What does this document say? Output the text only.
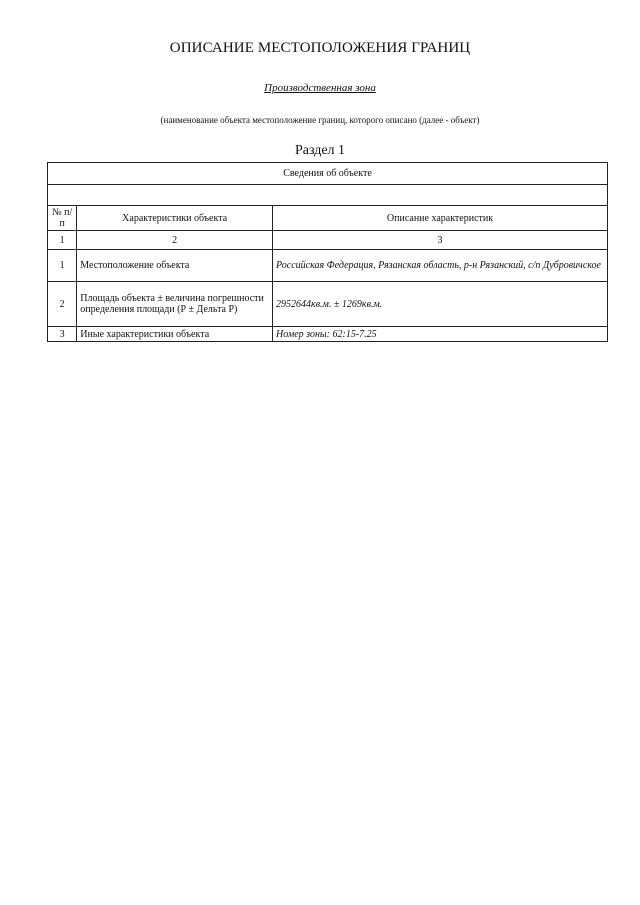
ОПИСАНИЕ МЕСТОПОЛОЖЕНИЯ ГРАНИЦ
Производственная зона
(наименование объекта местоположение границ, которого описано (далее - объект)
Раздел 1
Сведения об объекте		

№ п/п	Характеристики объекта	Описание характеристик
1	2	3
1	Местоположение объекта	Российская Федерация, Рязанская область, р-н Рязанский, с/п Дубровичское
2	Площадь объекта ± величина погрешности определения площади (Р ± Дельта Р)	2952644кв.м. ± 1269кв.м.
3	Иные характеристики объекта	Номер зоны: 62:15-7.25
